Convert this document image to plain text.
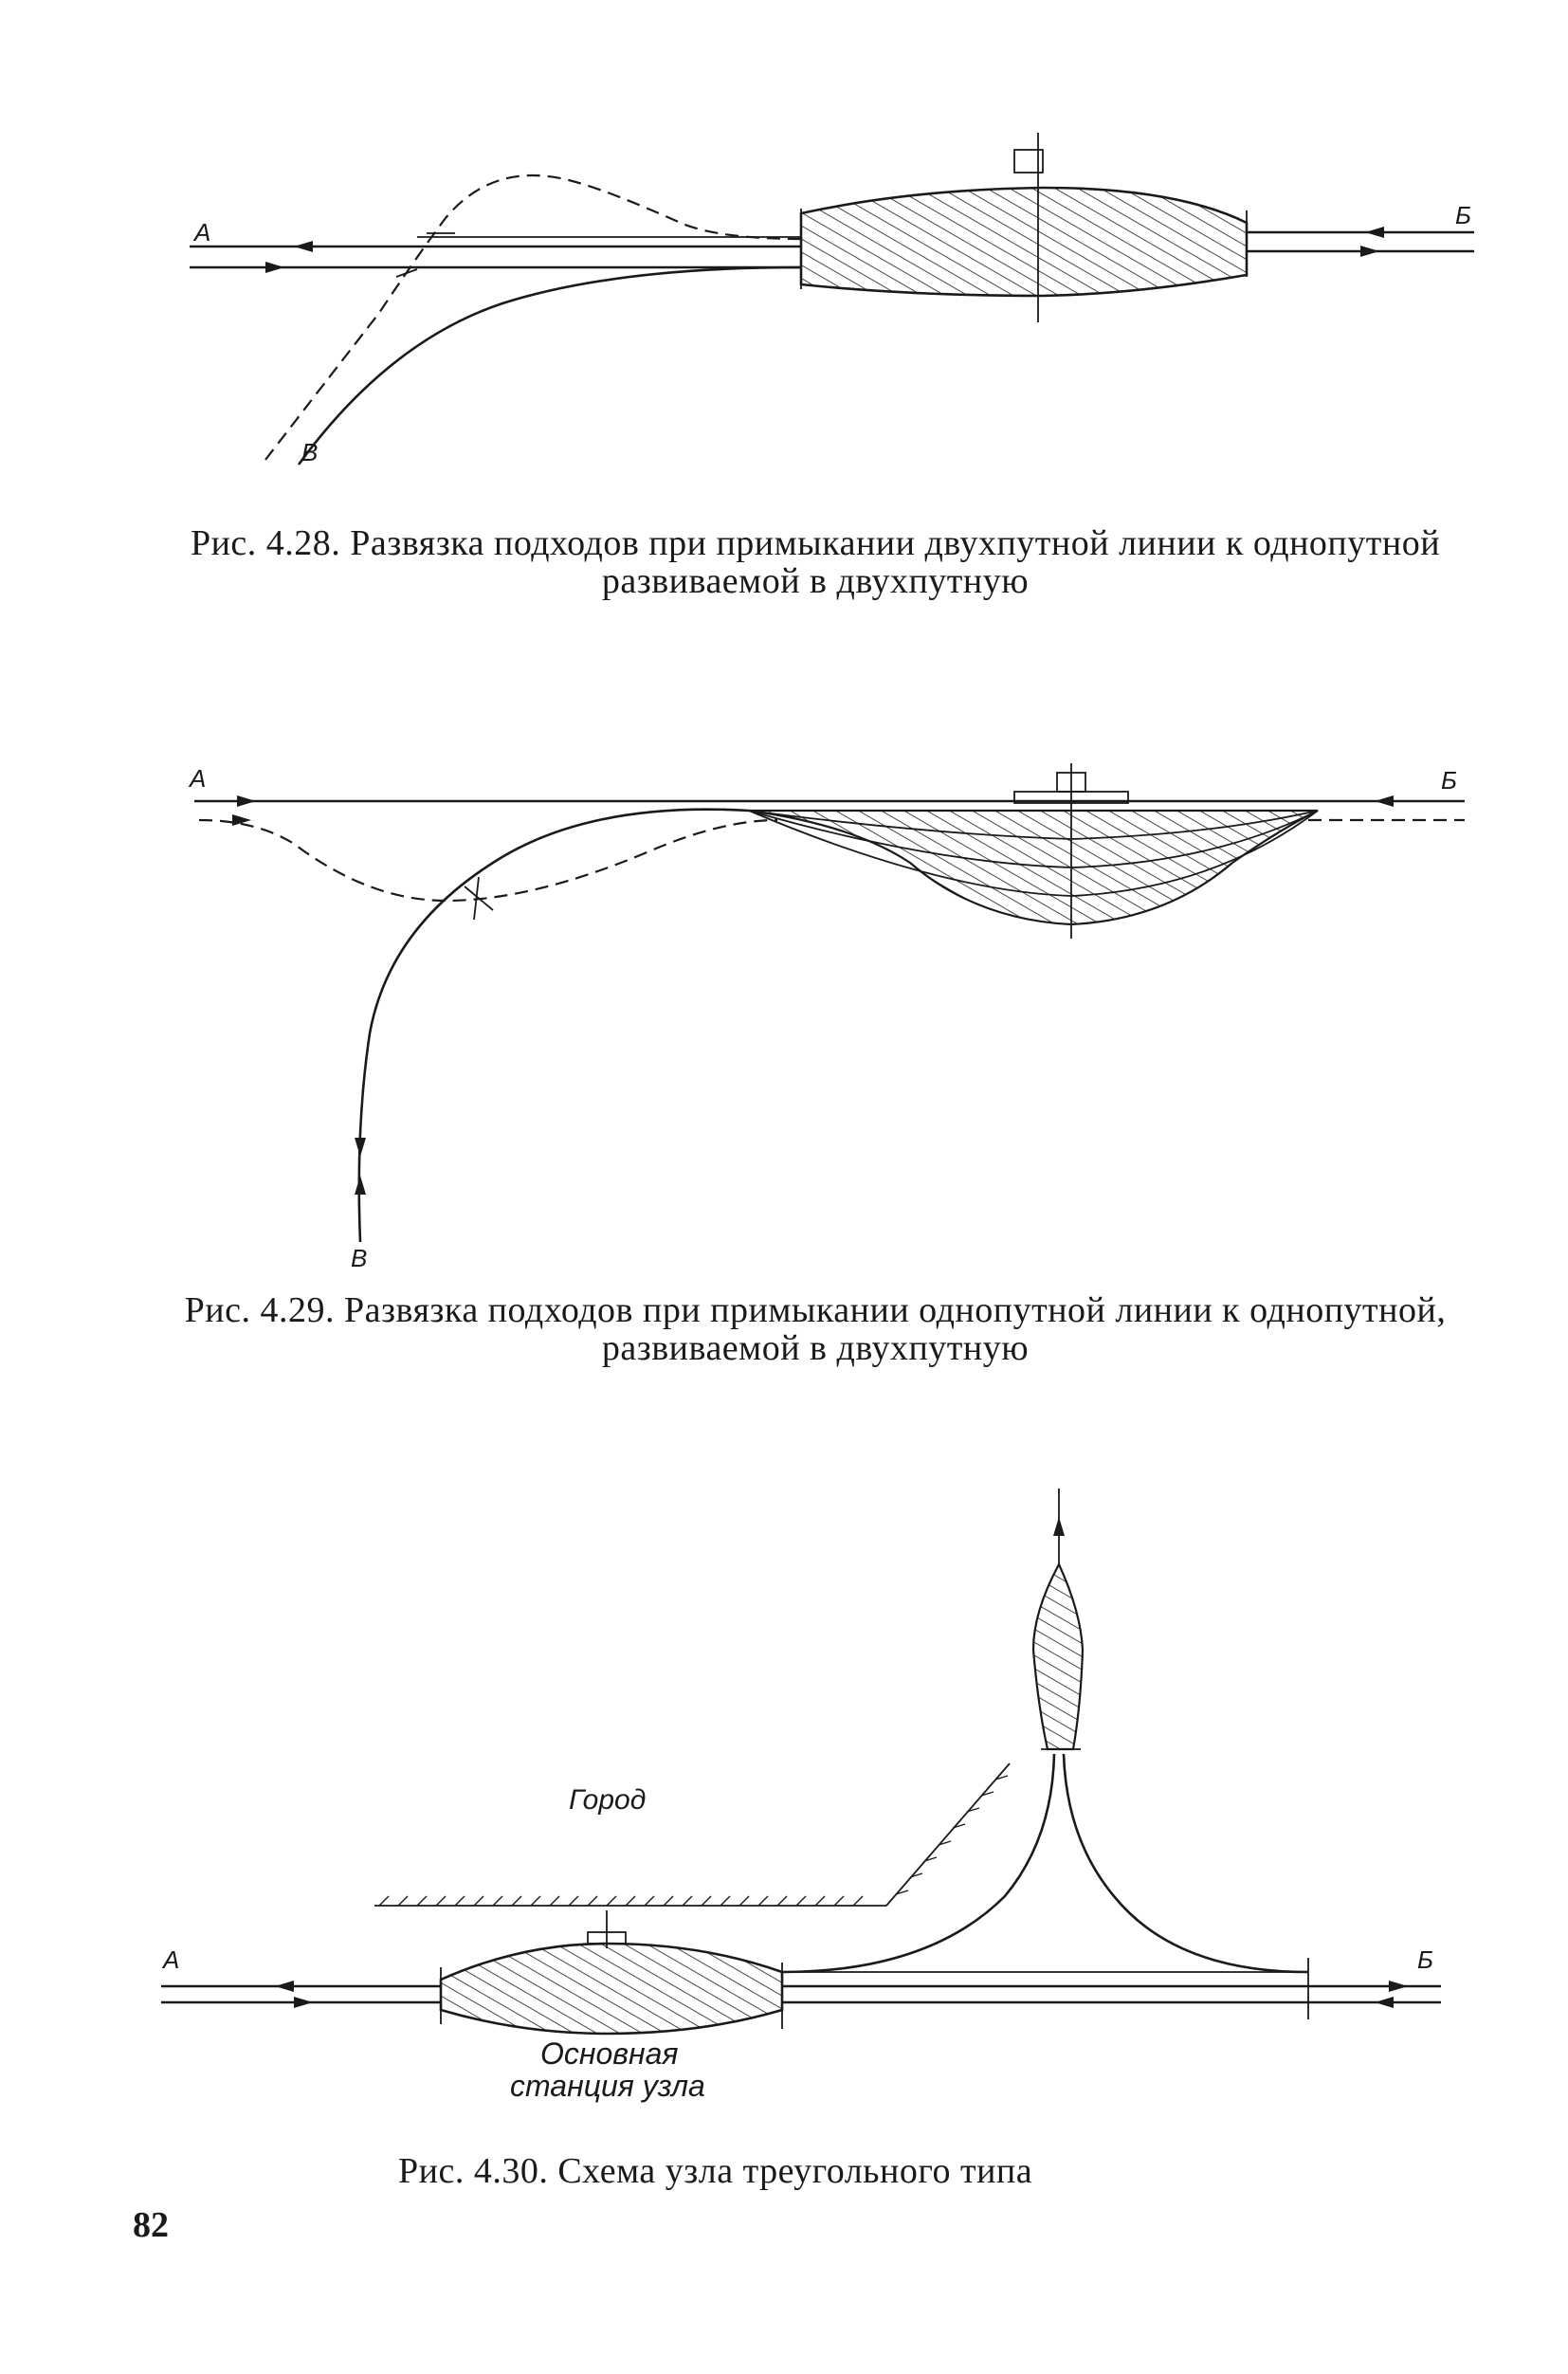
А
Б
В
Рис. 4.28. Развязка подходов при примыкании двухпутной линии к однопутной
развиваемой в двухпутную
А	Б
В
Рис. 4.29. Развязка подходов при примыкании однопутной линии к однопутной,
развиваемой в двухпутную
А	Б
Город
Основная
станция узла
Рис. 4.30. Схема узла треугольного типа
82
